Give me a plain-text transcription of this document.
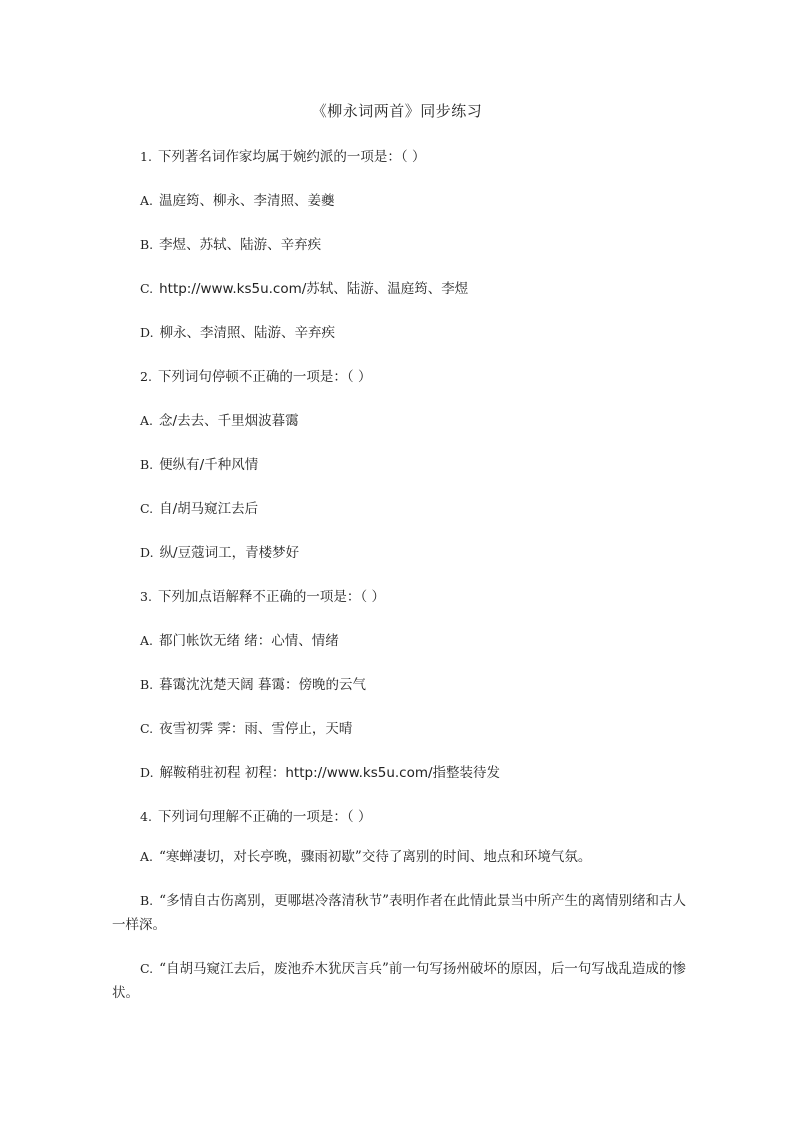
《柳永词两首》同步练习
1. 下列著名词作家均属于婉约派的一项是：（ ）
A. 温庭筠、柳永、李清照、姜夔
B. 李煜、苏轼、陆游、辛弃疾
C. http://www.ks5u.com/苏轼、陆游、温庭筠、李煜
D. 柳永、李清照、陆游、辛弃疾
2. 下列词句停顿不正确的一项是：（ ）
A. 念/去去、千里烟波暮霭
B. 便纵有/千种风情
C. 自/胡马窥江去后
D. 纵/豆蔻词工，青楼梦好
3. 下列加点语解释不正确的一项是：（ ）
A. 都门帐饮无绪 绪：心情、情绪
B. 暮霭沈沈楚天阔 暮霭：傍晚的云气
C. 夜雪初霁 霁：雨、雪停止，天晴
D. 解鞍稍驻初程 初程：http://www.ks5u.com/指整装待发
4. 下列词句理解不正确的一项是：（ ）
A. “寒蝉凄切，对长亭晚，骤雨初歇”交待了离别的时间、地点和环境气氛。
B. “多情自古伤离别，更哪堪冷落清秋节”表明作者在此情此景当中所产生的离情别绪和古人一样深。
C. “自胡马窥江去后，废池乔木犹厌言兵”前一句写扬州破坏的原因，后一句写战乱造成的惨状。
